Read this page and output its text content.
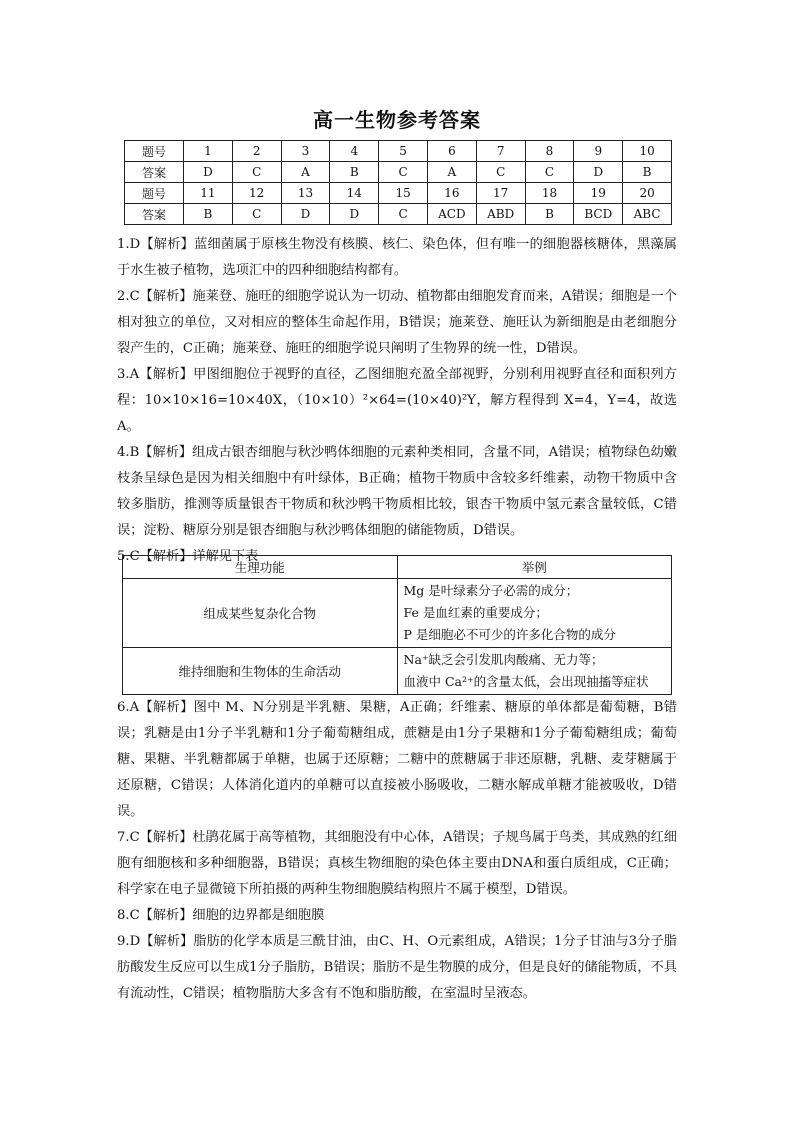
高一生物参考答案
题号	1	2	3	4	5	6	7	8	9	10
答案	D	C	A	B	C	A	C	C	D	B
题号	11	12	13	14	15	16	17	18	19	20
答案	B	C	D	D	C	ACD	ABD	B	BCD	ABC

1.D【解析】蓝细菌属于原核生物没有核膜、核仁、染色体，但有唯一的细胞器核糖体，黑藻属于水生被子植物，选项汇中的四种细胞结构都有。

2.C【解析】施莱登、施旺的细胞学说认为一切动、植物都由细胞发育而来，A错误；细胞是一个相对独立的单位，又对相应的整体生命起作用，B错误；施莱登、施旺认为新细胞是由老细胞分裂产生的，C正确；施莱登、施旺的细胞学说只阐明了生物界的统一性，D错误。

3.A【解析】甲图细胞位于视野的直径，乙图细胞充盈全部视野，分别利用视野直径和面积列方程：10×10×16=10×40X，（10×10）²×64=(10×40)²Y，解方程得到 X=4，Y=4，故选A。

4.B【解析】组成古银杏细胞与秋沙鸭体细胞的元素种类相同，含量不同，A错误；植物绿色幼嫩枝条呈绿色是因为相关细胞中有叶绿体，B正确；植物干物质中含较多纤维素，动物干物质中含较多脂肪，推测等质量银杏干物质和秋沙鸭干物质相比较，银杏干物质中氢元素含量较低，C错误；淀粉、糖原分别是银杏细胞与秋沙鸭体细胞的储能物质，D错误。

5.C【解析】详解见下表

生理功能	举例
组成某些复杂化合物	Mg 是叶绿素分子必需的成分；
Fe 是血红素的重要成分；
P 是细胞必不可少的许多化合物的成分

维持细胞和生物体的生命活动	Na⁺缺乏会引发肌肉酸痛、无力等；
血液中 Ca²⁺的含量太低，会出现抽搐等症状

6.A【解析】图中 M、N分别是半乳糖、果糖，A正确；纤维素、糖原的单体都是葡萄糖，B错误；乳糖是由1分子半乳糖和1分子葡萄糖组成，蔗糖是由1分子果糖和1分子葡萄糖组成；葡萄糖、果糖、半乳糖都属于单糖，也属于还原糖；二糖中的蔗糖属于非还原糖，乳糖、麦芽糖属于还原糖，C错误；人体消化道内的单糖可以直接被小肠吸收，二糖水解成单糖才能被吸收，D错误。

7.C【解析】杜鹃花属于高等植物，其细胞没有中心体，A错误；子规鸟属于鸟类，其成熟的红细胞有细胞核和多种细胞器，B错误；真核生物细胞的染色体主要由DNA和蛋白质组成，C正确； 科学家在电子显微镜下所拍摄的两种生物细胞膜结构照片不属于模型，D错误。

8.C【解析】细胞的边界都是细胞膜

9.D【解析】脂肪的化学本质是三酰甘油，由C、H、O元素组成，A错误；1分子甘油与3分子脂肪酸发生反应可以生成1分子脂肪，B错误；脂肪不是生物膜的成分，但是良好的储能物质，不具有流动性，C错误；植物脂肪大多含有不饱和脂肪酸，在室温时呈液态。
